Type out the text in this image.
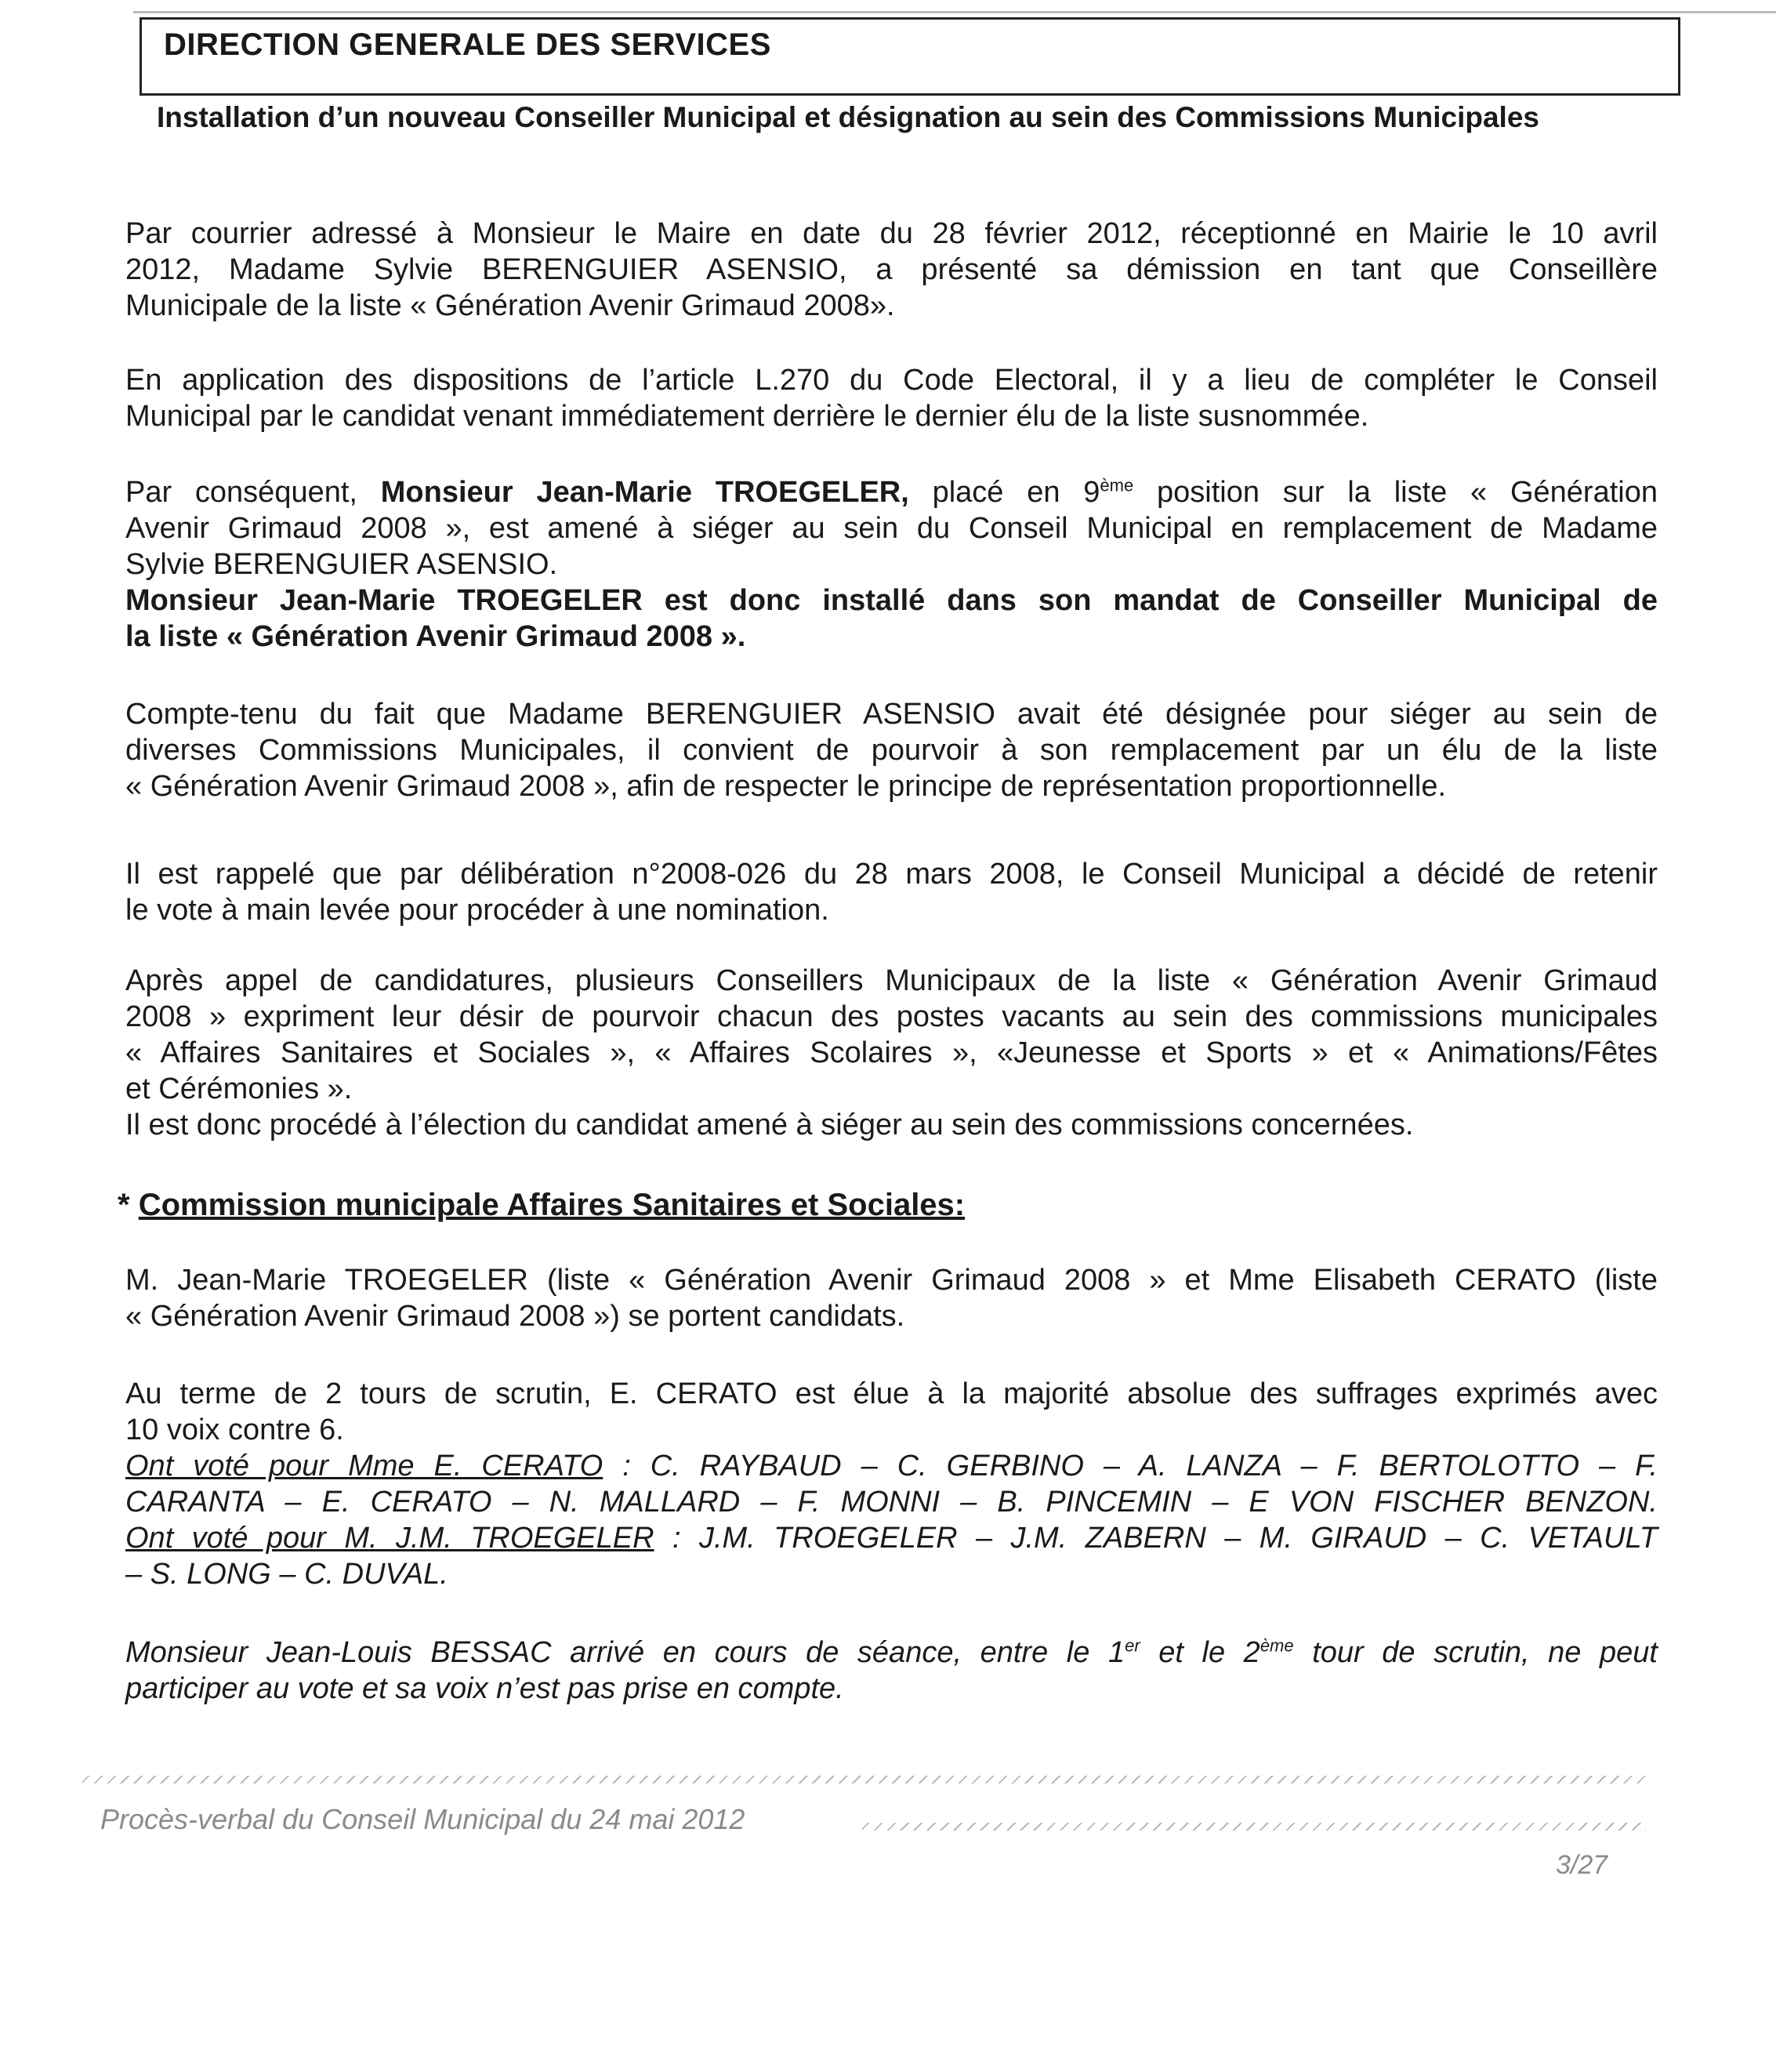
DIRECTION GENERALE DES SERVICES
Installation d’un nouveau Conseiller Municipal et désignation au sein des Commissions Municipales
Par courrier adressé à Monsieur le Maire en date du 28 février 2012, réceptionné en Mairie le 10 avril
2012, Madame Sylvie BERENGUIER ASENSIO, a présenté sa démission en tant que Conseillère
Municipale de la liste « Génération Avenir Grimaud 2008».
En application des dispositions de l’article L.270 du Code Electoral, il y a lieu de compléter le Conseil
Municipal par le candidat venant immédiatement derrière le dernier élu de la liste susnommée.
Par conséquent, Monsieur Jean-Marie TROEGELER, placé en 9ème position sur la liste « Génération
Avenir Grimaud 2008 », est amené à siéger au sein du Conseil Municipal en remplacement de Madame
Sylvie BERENGUIER ASENSIO.
Monsieur Jean-Marie TROEGELER est donc installé dans son mandat de Conseiller Municipal de
la liste « Génération Avenir Grimaud 2008 ».
Compte-tenu du fait que Madame BERENGUIER ASENSIO avait été désignée pour siéger au sein de
diverses Commissions Municipales, il convient de pourvoir à son remplacement par un élu de la liste
« Génération Avenir Grimaud 2008 », afin de respecter le principe de représentation proportionnelle.
Il est rappelé que par délibération n°2008-026 du 28 mars 2008, le Conseil Municipal a décidé de retenir
le vote à main levée pour procéder à une nomination.
Après appel de candidatures, plusieurs Conseillers Municipaux de la liste « Génération Avenir Grimaud
2008 » expriment leur désir de pourvoir chacun des postes vacants au sein des commissions municipales
« Affaires Sanitaires et Sociales », « Affaires Scolaires », «Jeunesse et Sports » et « Animations/Fêtes
et Cérémonies ».
Il est donc procédé à l’élection du candidat amené à siéger au sein des commissions concernées.
* Commission municipale Affaires Sanitaires et Sociales:
M. Jean-Marie TROEGELER (liste « Génération Avenir Grimaud 2008 » et Mme Elisabeth CERATO (liste
« Génération Avenir Grimaud 2008 ») se portent candidats.
Au terme de 2 tours de scrutin, E. CERATO est élue à la majorité absolue des suffrages exprimés avec
10 voix contre 6.
Ont voté pour Mme E. CERATO : C. RAYBAUD – C. GERBINO – A. LANZA – F. BERTOLOTTO – F.
CARANTA – E. CERATO – N. MALLARD – F. MONNI – B. PINCEMIN – E VON FISCHER BENZON.
Ont voté pour M. J.M. TROEGELER : J.M. TROEGELER – J.M. ZABERN – M. GIRAUD – C. VETAULT
– S. LONG – C. DUVAL.
Monsieur Jean-Louis BESSAC arrivé en cours de séance, entre le 1er et le 2ème tour de scrutin, ne peut
participer au vote et sa voix n’est pas prise en compte.
Procès-verbal du Conseil Municipal du 24 mai 2012
3/27
